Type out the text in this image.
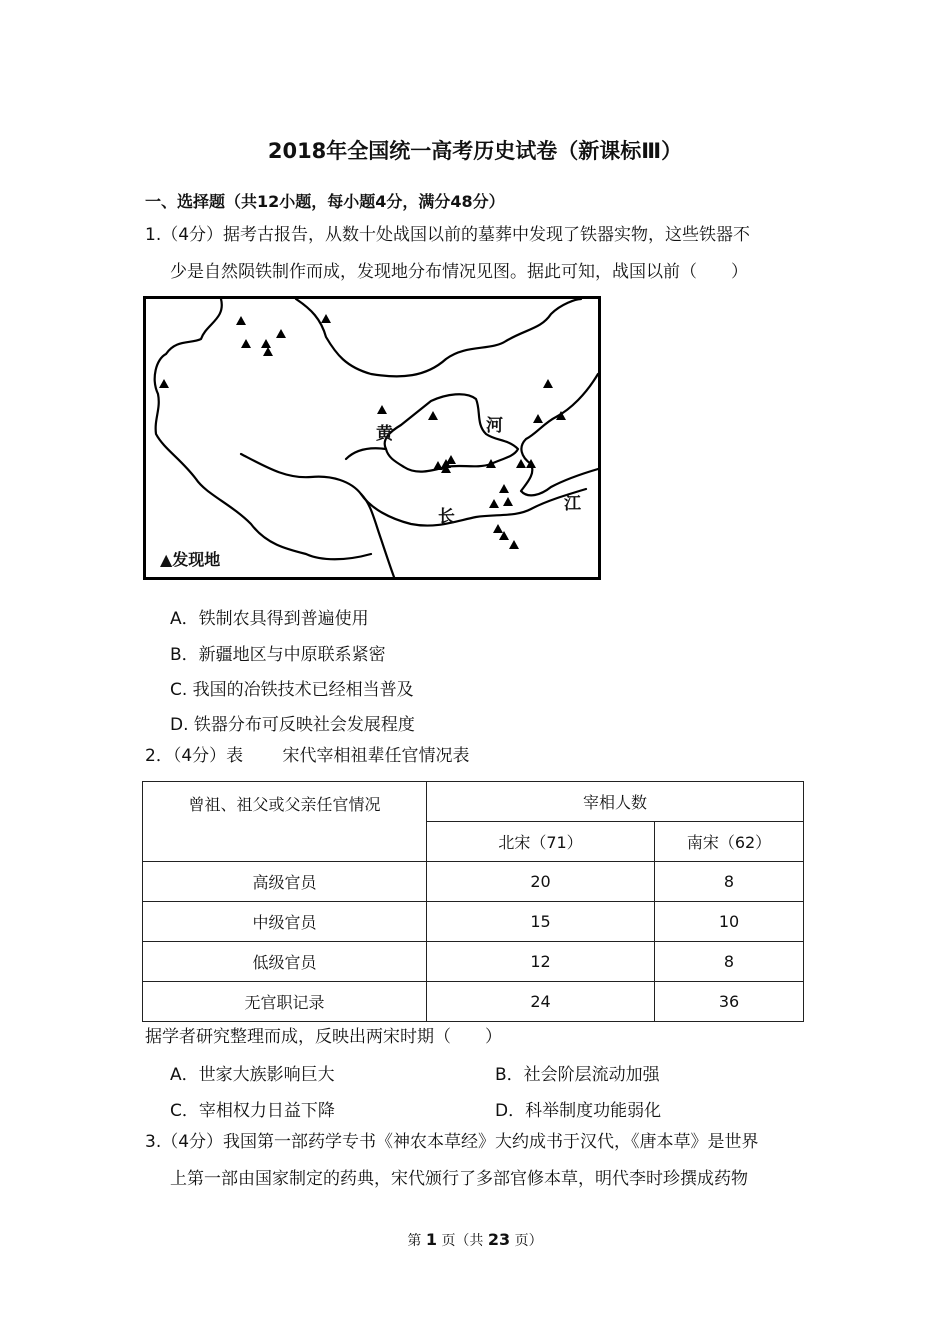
2018年全国统一高考历史试卷（新课标Ⅲ）
一、选择题（共12小题，每小题4分，满分48分）
1.（4分）据考古报告，从数十处战国以前的墓葬中发现了铁器实物，这些铁器不
少是自然陨铁制作而成，发现地分布情况见图。据此可知，战国以前（　　）
黄	河
长
江
▲发现地
A．铁制农具得到普遍使用
B．新疆地区与中原联系紧密
C. 我国的冶铁技术已经相当普及
D. 铁器分布可反映社会发展程度
2．（4分）表　　 宋代宰相祖辈任官情况表
曾祖、祖父或父亲任官情况	宰相人数	
	北宋（71）	南宋（62）
高级官员	20	8
中级官员	15	10
低级官员	12	8
无官职记录	24	36
据学者研究整理而成，反映出两宋时期（　　）
A．世家大族影响巨大	B．社会阶层流动加强
C．宰相权力日益下降	D．科举制度功能弱化
3.（4分）我国第一部药学专书《神农本草经》大约成书于汉代，《唐本草》是世界
上第一部由国家制定的药典，宋代颁行了多部官修本草，明代李时珍撰成药物
第 1 页（共 23 页）
